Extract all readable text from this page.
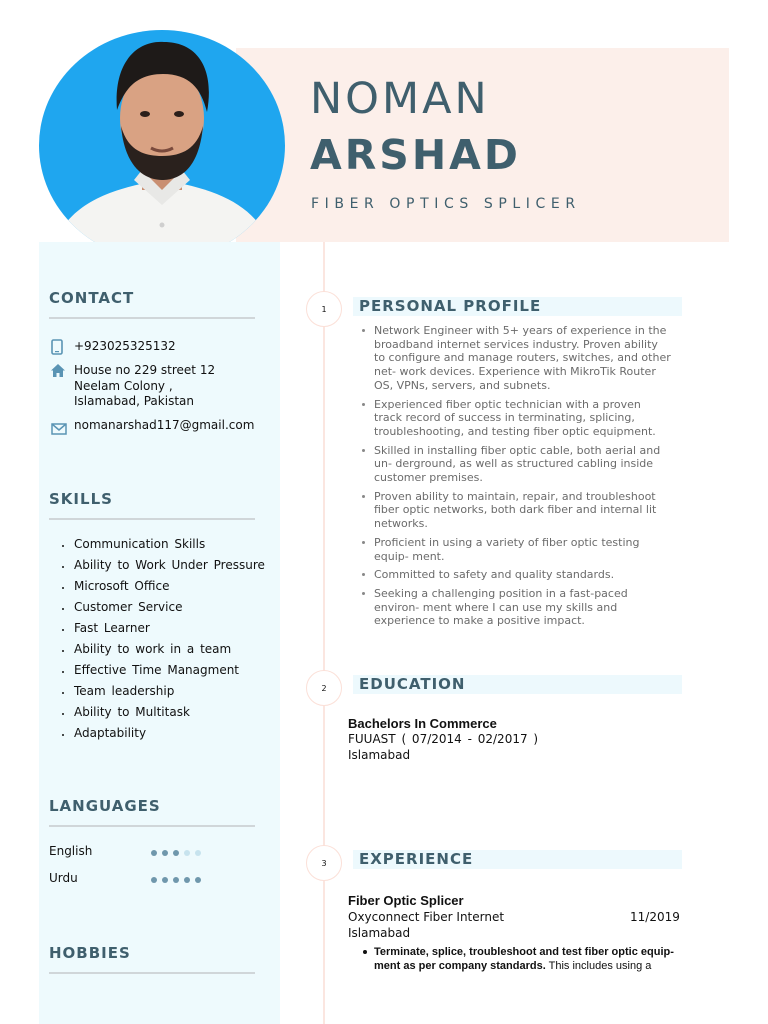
NOMAN
ARSHAD
FIBER OPTICS SPLICER
CONTACT
+923025325132
House no 229 street 12
Neelam Colony ,
Islamabad, Pakistan
nomanarshad117@gmail.com
SKILLS
Communication Skills
Ability to Work Under Pressure
Microsoft Office
Customer Service
Fast Learner
Ability to work in a team
Effective Time Managment
Team leadership
Ability to Multitask
Adaptability
LANGUAGES
English
Urdu
HOBBIES
1	PERSONAL PROFILE
Network Engineer with 5+ years of experience in the broadband internet services industry. Proven ability to configure and manage routers, switches, and other net- work devices. Experience with MikroTik Router OS, VPNs, servers, and subnets.
Experienced fiber optic technician with a proven track record of success in terminating, splicing, troubleshooting, and testing fiber optic equipment.
Skilled in installing fiber optic cable, both aerial and un- derground, as well as structured cabling inside customer premises.
Proven ability to maintain, repair, and troubleshoot fiber optic networks, both dark fiber and internal lit networks.
Proficient in using a variety of fiber optic testing equip- ment.
Committed to safety and quality standards.
Seeking a challenging position in a fast-paced environ- ment where I can use my skills and experience to make a positive impact.
2	EDUCATION
Bachelors In Commerce
FUUAST ( 07/2014 - 02/2017 )
Islamabad
3	EXPERIENCE
Fiber Optic Splicer
Oxyconnect Fiber Internet	11/2019
Islamabad
Terminate, splice, troubleshoot and test fiber optic equip- ment as per company standards. This includes using a
